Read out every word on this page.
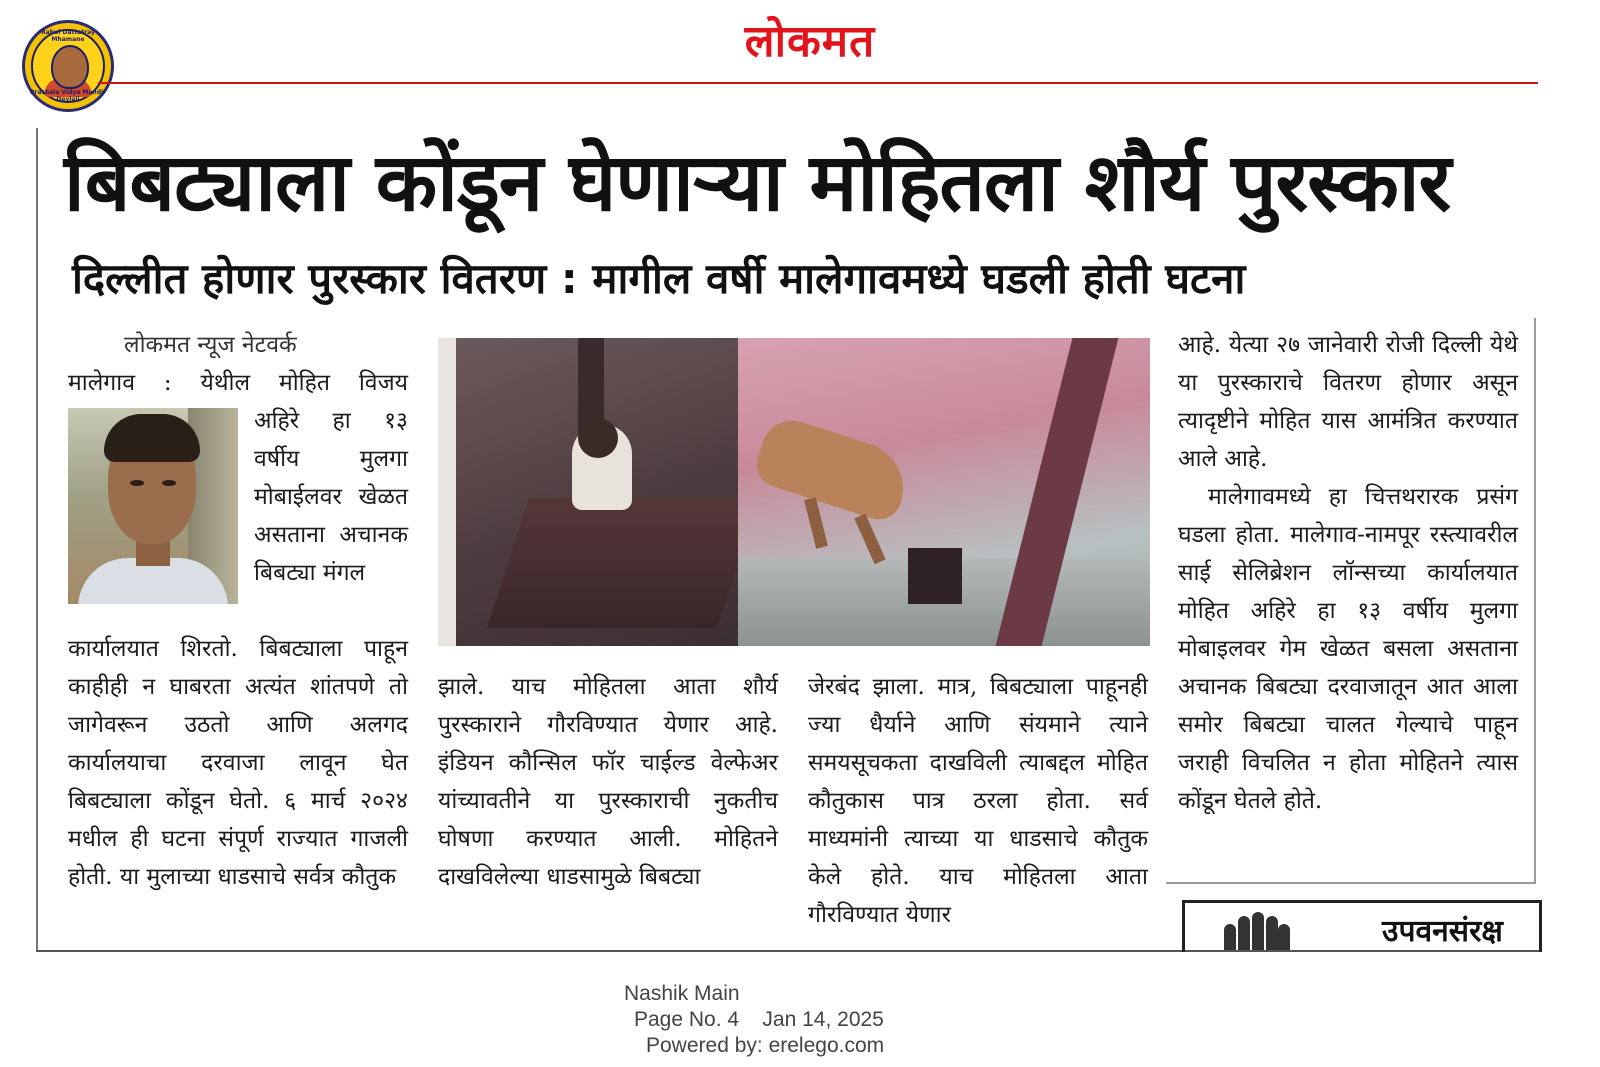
Rahul Dattatray Mhamane
Prashala Vidya Mandir Devlali
लोकमत
बिबट्याला कोंडून घेणाऱ्या मोहितला शौर्य पुरस्कार
दिल्लीत होणार पुरस्कार वितरण : मागील वर्षी मालेगावमध्ये घडली होती घटना
लोकमत न्यूज नेटवर्क

मालेगाव : येथील मोहित विजय

अहिरे हा १३ वर्षीय मुलगा मोबाईलवर खेळत असताना अचानक बिबट्या मंगल

कार्यालयात शिरतो. बिबट्याला पाहून काहीही न घाबरता अत्यंत शांतपणे तो जागेवरून उठतो आणि अलगद कार्यालयाचा दरवाजा लावून घेत बिबट्याला कोंडून घेतो. ६ मार्च २०२४ मधील ही घटना संपूर्ण राज्यात गाजली होती. या मुलाच्या धाडसाचे सर्वत्र कौतुक

झाले. याच मोहितला आता शौर्य पुरस्काराने गौरविण्यात येणार आहे. इंडियन कौन्सिल फॉर चाईल्ड वेल्फेअर यांच्यावतीने या पुरस्काराची नुकतीच घोषणा करण्यात आली. मोहितने दाखविलेल्या धाडसामुळे बिबट्या

जेरबंद झाला. मात्र, बिबट्याला पाहूनही ज्या धैर्याने आणि संयमाने त्याने समयसूचकता दाखविली त्याबद्दल मोहित कौतुकास पात्र ठरला होता. सर्व माध्यमांनी त्याच्या या धाडसाचे कौतुक केले होते. याच मोहितला आता गौरविण्यात येणार

आहे. येत्या २७ जानेवारी रोजी दिल्ली येथे या पुरस्काराचे वितरण होणार असून त्यादृष्टीने मोहित यास आमंत्रित करण्यात आले आहे.

मालेगावमध्ये हा चित्तथरारक प्रसंग घडला होता. मालेगाव-नामपूर रस्त्यावरील साई सेलिब्रेशन लॉन्सच्या कार्यालयात मोहित अहिरे हा १३ वर्षीय मुलगा मोबाइलवर गेम खेळत बसला असताना अचानक बिबट्या दरवाजातून आत आला समोर बिबट्या चालत गेल्याचे पाहून जराही विचलित न होता मोहितने त्यास कोंडून घेतले होते.

उपवनसंरक्ष
Nashik Main
Page No. 4 Jan 14, 2025
Powered by: erelego.com
